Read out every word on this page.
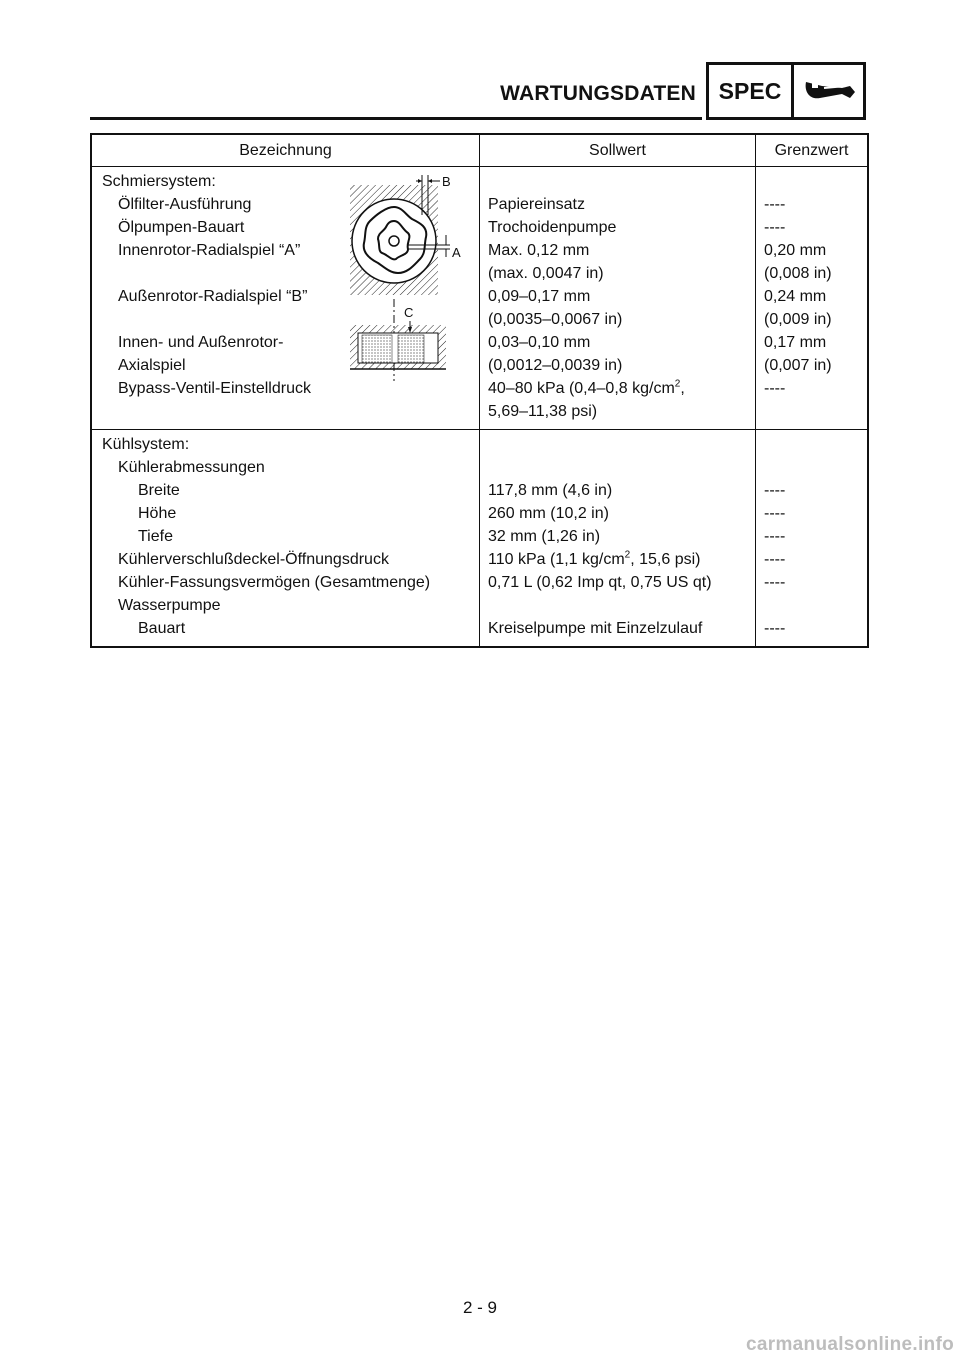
WARTUNGSDATEN SPEC
Bezeichnung	Sollwert	Grenzwert
Schmiersystem:
Ölfilter-Ausführung
Ölpumpen-Bauart
Innenrotor-Radialspiel “A”

Außenrotor-Radialspiel “B”

Innen- und Außenrotor-
Axialspiel
Bypass-Ventil-Einstelldruck

Papiereinsatz
Trochoidenpumpe
Max. 0,12 mm
(max. 0,0047 in)
0,09–0,17 mm
(0,0035–0,0067 in)
0,03–0,10 mm
(0,0012–0,0039 in)
40–80 kPa (0,4–0,8 $kg/cm^2$,
5,69–11,38 psi)

----
----
0,20 mm
(0,008 in)
0,24 mm
(0,009 in)
0,17 mm
(0,007 in)
----

B
A
C
Kühlsystem:
Kühlerabmessungen
Breite
Höhe
Tiefe
Kühlerverschlußdeckel-Öffnungsdruck
Kühler-Fassungsvermögen (Gesamtmenge)
Wasserpumpe
Bauart

117,8 mm (4,6 in)
260 mm (10,2 in)
32 mm (1,26 in)
110 kPa (1,1 $kg/cm^2$, 15,6 psi)
0,71 L (0,62 Imp qt, 0,75 US qt)

Kreiselpumpe mit Einzelzulauf

----
----
----
----
----

----
2 - 9
carmanualsonline.info
